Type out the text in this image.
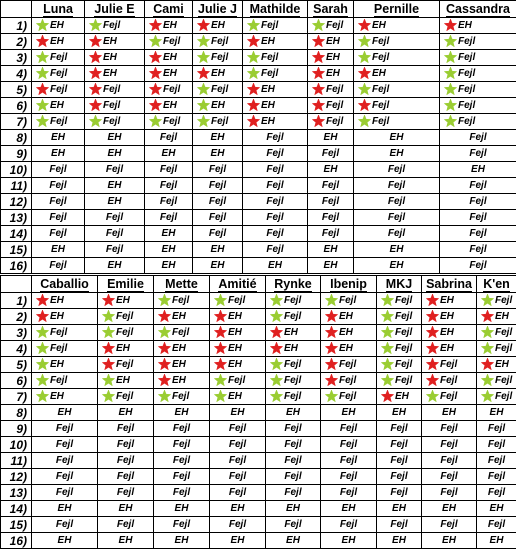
	Luna	Julie E	Cami	Julie J	Mathilde	Sarah	Pernille	Cassandra
1)	EH	Fejl	EH	EH	Fejl	Fejl	EH	EH
2)	EH	EH	Fejl	Fejl	EH	EH	Fejl	Fejl
3)	Fejl	EH	EH	Fejl	Fejl	EH	Fejl	Fejl
4)	Fejl	EH	EH	EH	Fejl	EH	EH	Fejl
5)	Fejl	Fejl	Fejl	Fejl	EH	Fejl	Fejl	Fejl
6)	EH	Fejl	EH	EH	EH	Fejl	Fejl	Fejl
7)	Fejl	Fejl	Fejl	Fejl	EH	Fejl	Fejl	Fejl
8)	EH	EH	Fejl	EH	Fejl	EH	EH	Fejl
9)	EH	EH	EH	EH	Fejl	Fejl	EH	Fejl
10)	Fejl	Fejl	Fejl	Fejl	Fejl	EH	Fejl	EH
11)	Fejl	EH	Fejl	Fejl	Fejl	Fejl	Fejl	Fejl
12)	Fejl	EH	Fejl	Fejl	Fejl	Fejl	Fejl	Fejl
13)	Fejl	Fejl	Fejl	Fejl	Fejl	Fejl	Fejl	Fejl
14)	Fejl	Fejl	EH	Fejl	Fejl	Fejl	Fejl	Fejl
15)	EH	Fejl	EH	EH	Fejl	EH	EH	Fejl
16)	Fejl	EH	EH	EH	EH	EH	EH	Fejl
	Caballio	Emilie	Mette	Amitié	Rynke	Ibenip	MKJ	Sabrina	K'en
1)	EH	EH	Fejl	Fejl	Fejl	Fejl	Fejl	EH	Fejl
2)	EH	Fejl	EH	EH	Fejl	EH	Fejl	EH	EH
3)	Fejl	Fejl	Fejl	EH	EH	EH	Fejl	EH	Fejl
4)	Fejl	EH	EH	EH	EH	EH	Fejl	EH	Fejl
5)	EH	Fejl	EH	EH	Fejl	Fejl	Fejl	Fejl	EH
6)	Fejl	EH	EH	Fejl	Fejl	Fejl	Fejl	Fejl	Fejl
7)	EH	Fejl	Fejl	EH	Fejl	Fejl	EH	Fejl	Fejl
8)	EH	EH	EH	EH	EH	EH	EH	EH	EH
9)	Fejl	Fejl	Fejl	Fejl	Fejl	Fejl	Fejl	Fejl	Fejl
10)	Fejl	Fejl	Fejl	Fejl	Fejl	Fejl	Fejl	Fejl	Fejl
11)	Fejl	Fejl	Fejl	Fejl	Fejl	Fejl	Fejl	Fejl	Fejl
12)	Fejl	Fejl	Fejl	Fejl	Fejl	Fejl	Fejl	Fejl	Fejl
13)	Fejl	Fejl	Fejl	Fejl	Fejl	Fejl	Fejl	Fejl	Fejl
14)	EH	EH	EH	EH	EH	EH	EH	EH	EH
15)	Fejl	Fejl	Fejl	Fejl	Fejl	Fejl	Fejl	Fejl	Fejl
16)	EH	EH	EH	EH	EH	EH	EH	EH	EH
